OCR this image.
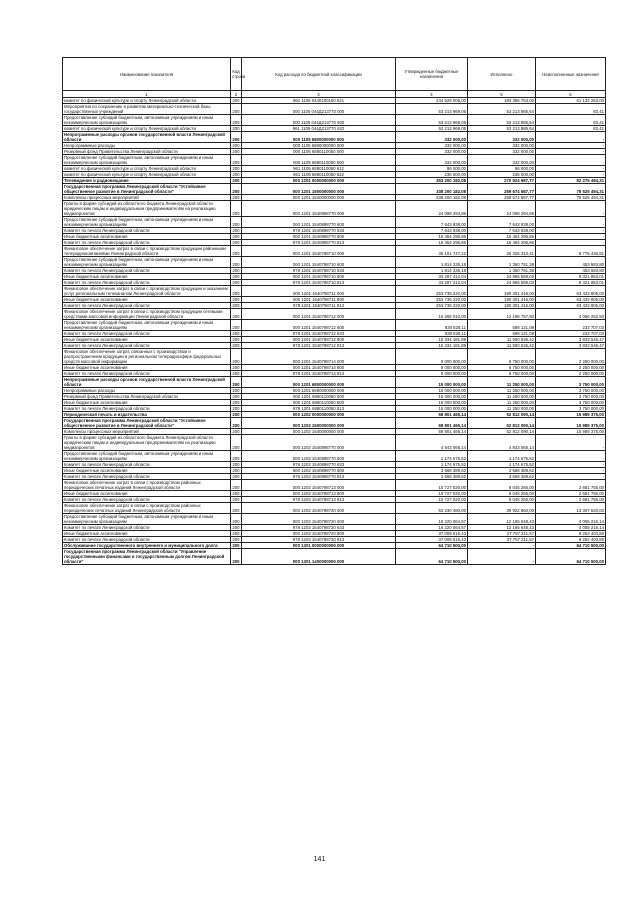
Наименование показателя	Код строки	Код расхода по бюджетной классификации	Утвержденные бюджетные назначения	Исполнено	Неисполненные назначения
1	2	3	4	5	6
комитет по физической культуре и спорту Ленинградской области	200	961 1105 0440100160 621	244 529 006,00	183 396 753,00	61 132 253,00
Мероприятия по сохранению и развитию материально-технической базы государственных учреждений	200	000 1105 044Д213770 000	53 213 969,05	53 213 885,64	83,41
Предоставление субсидий бюджетным, автономным учреждениям и иным некоммерческим организациям	200	000 1105 044Д213770 600	53 213 969,05	53 213 885,64	83,41
комитет по физической культуре и спорту Ленинградской области	200	961 1105 044Д213770 622	53 213 969,05	53 213 885,64	83,41
Непрограммные расходы органов государственной власти Ленинградской области	200	000 1105 6800000000 000	332 000,00	332 000,00	-
Непрограммные расходы	200	000 1105 6880000000 000	332 000,00	332 000,00	-
Резервный фонд Правительства Ленинградской области	200	000 1105 6880110050 000	332 000,00	332 000,00	-
Предоставление субсидий бюджетным, автономным учреждениям и иным некоммерческим организациям	200	000 1105 6880110050 600	332 000,00	332 000,00	-
комитет по физической культуре и спорту Ленинградской области	200	961 1105 6880110050 612	96 000,00	96 000,00	-
комитет по физической культуре и спорту Ленинградской области	200	961 1105 6880110050 622	236 000,00	236 000,00	-
Телевидение и радиовещание	200	000 1201 0000000000 000	353 200 182,08	270 924 687,77	82 275 494,31
Государственная программа Ленинградской области "Устойчивое общественное развитие в Ленинградской области"	200	000 1201 1500000000 000	338 200 182,08	259 674 687,77	78 525 494,31
Комплексы процессных мероприятий	200	000 1201 1540000000 000	338 200 182,08	259 674 687,77	78 525 494,31
Гранты в форме субсидий из областного бюджета Ленинградской области юридическим лицам и индивидуальным предпринимателям на реализацию медиапроектов	200	000 1201 1540898770 000	24 098 294,86	24 098 294,86	-
Предоставление субсидий бюджетным, автономным учреждениям и иным некоммерческим организациям	200	000 1201 1540898770 600	7 643 938,00	7 643 938,00	-
Комитет по печати Ленинградской области	200	978 1201 1540898770 633	7 643 938,00	7 643 938,00	-
Иные бюджетные ассигнования	200	000 1201 1540898770 800	16 454 296,86	16 454 296,86	-
Комитет по печати Ленинградской области	200	978 1201 1540898770 813	16 454 296,86	16 454 296,86	-
Финансовое обеспечение затрат в связи с производством продукции районными телерадиокомпаниями Ленинградской области	200	000 1201 1540798710 000	35 101 747,22	26 326 310,41	8 775 436,81
Предоставление субсидий бюджетным, автономным учреждениям и иным некоммерческим организациям	200	000 1201 1540798710 600	1 814 335,18	1 360 751,38	453 583,80
Комитет по печати Ленинградской области	200	978 1201 1540798710 633	1 814 335,18	1 360 751,38	453 583,80
Иные бюджетные ассигнования	200	000 1201 1540798710 800	33 287 412,04	24 965 559,03	8 321 853,01
Комитет по печати Ленинградской области	200	978 1201 1540798710 813	33 287 412,04	24 965 559,03	8 321 853,01
Финансовое обеспечение затрат в связи с производством продукции и оказанием услуг региональным телеканалом Ленинградской области	200	000 1201 1540798711 000	253 735 220,00	190 301 415,00	63 433 805,00
Иные бюджетные ассигнования	200	000 1201 1540798711 800	253 735 220,00	190 301 415,00	63 433 805,00
Комитет по печати Ленинградской области	200	978 1201 1540798711 813	253 735 220,00	190 301 415,00	63 433 805,00
Финансовое обеспечение затрат в связи с производством продукции сетевыми средствами массовой информации Ленинградской области	200	000 1201 1540798712 000	16 265 010,00	12 198 757,50	4 066 252,50
Предоставление субсидий бюджетным, автономным учреждениям и иным некоммерческим организациям	200	000 1201 1540798712 600	930 828,11	698 121,08	232 707,03
Комитет по печати Ленинградской области	200	978 1201 1540798712 633	930 828,11	698 121,08	232 707,03
Иные бюджетные ассигнования	200	000 1201 1540798712 800	15 334 181,89	11 500 636,42	3 833 545,47
Комитет по печати Ленинградской области	200	978 1201 1540798712 813	15 334 181,89	11 500 636,42	3 833 545,47
Финансовое обеспечение затрат, связанных с производством и распространением продукции в региональном телерадиоэфире федеральных средств массовой информации	200	000 1201 1540798714 000	9 000 000,00	6 750 000,00	2 250 000,00
Иные бюджетные ассигнования	200	000 1201 1540798714 800	9 000 000,00	6 750 000,00	2 250 000,00
Комитет по печати Ленинградской области	200	978 1201 1540798714 813	9 000 000,00	6 750 000,00	2 250 000,00
Непрограммные расходы органов государственной власти Ленинградской области	200	000 1201 6800000000 000	15 000 000,00	11 250 000,00	3 750 000,00
Непрограммные расходы	200	000 1201 6880000000 000	15 000 000,00	11 250 000,00	3 750 000,00
Резервный фонд Правительства Ленинградской области	200	000 1201 6880110050 000	15 000 000,00	11 250 000,00	3 750 000,00
Иные бюджетные ассигнования	200	000 1201 6880110050 800	15 000 000,00	11 250 000,00	3 750 000,00
Комитет по печати Ленинградской области	200	978 1201 6880110050 813	15 000 000,00	11 250 000,00	3 750 000,00
Периодическая печать и издательства	200	000 1202 0000000000 000	68 801 465,14	52 812 090,14	15 989 375,00
Государственная программа Ленинградской области "Устойчивое общественное развитие в Ленинградской области"	200	000 1202 1500000000 000	68 801 465,14	52 812 090,14	15 989 375,00
Комплексы процессных мероприятий	200	000 1202 1540000000 000	68 801 465,14	52 812 090,14	15 989 375,00
Гранты в форме субсидий из областного бюджета Ленинградской области юридическим лицам и индивидуальным предпринимателям на реализацию медиапроектов	200	000 1202 1540898770 000	4 843 065,14	4 843 065,14	-
Предоставление субсидий бюджетным, автономным учреждениям и иным некоммерческим организациям	200	000 1202 1540898770 600	1 174 675,52	1 174 675,52	-
Комитет по печати Ленинградской области	200	978 1202 1540898770 633	1 174 675,52	1 174 675,52	-
Иные бюджетные ассигнования	200	000 1202 1540898770 800	3 668 389,62	3 668 389,62	-
Комитет по печати Ленинградской области	200	978 1202 1540898770 813	3 668 389,62	3 668 389,62	-
Финансовое обеспечение затрат в связи с производством районных периодических печатных изданий Ленинградской области	200	000 1202 1540798713 000	10 727 020,00	8 045 265,00	2 681 755,00
Иные бюджетные ассигнования	200	000 1202 1540798713 800	10 727 020,00	8 045 265,00	2 681 755,00
Комитет по печати Ленинградской области	200	978 1202 1540798713 813	10 727 020,00	8 045 265,00	2 681 755,00
Финансовое обеспечение затрат в связи с производством районных периодических печатных изданий Ленинградской области	200	000 1202 1540798720 000	53 230 480,00	39 922 860,00	13 307 620,00
Предоставление субсидий бюджетным, автономным учреждениям и иным некоммерческим организациям	200	000 1202 1540798720 600	16 220 064,57	12 165 648,43	4 055 216,14
Комитет по печати Ленинградской области	200	978 1202 1540798720 633	16 220 064,57	12 165 648,43	4 055 216,14
Иные бюджетные ассигнования	200	000 1202 1540798720 800	37 009 615,43	27 757 211,57	9 252 403,86
Комитет по печати Ленинградской области	200	978 1202 1540798720 813	37 009 615,43	27 757 211,57	9 252 403,86
Обслуживание государственного внутреннего и муниципального долга	200	000 1301 0000000000 000	64 710 500,00	-	64 710 500,00
Государственная программа Ленинградской области "Управление государственными финансами и государственным долгом Ленинградской области"	200	000 1301 1400000000 000	64 710 500,00	-	64 710 500,00
141
